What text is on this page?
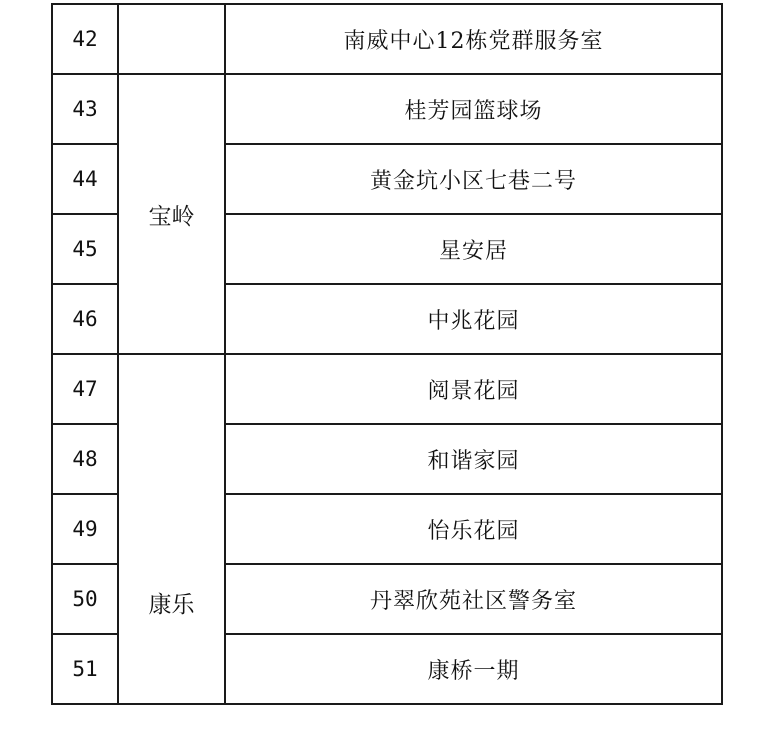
42		南威中心12栋党群服务室
43	宝岭	桂芳园篮球场
44		黄金坑小区七巷二号
45		星安居
46		中兆花园
47	康乐	阅景花园
48		和谐家园
49		怡乐花园
50		丹翠欣苑社区警务室
51		康桥一期
